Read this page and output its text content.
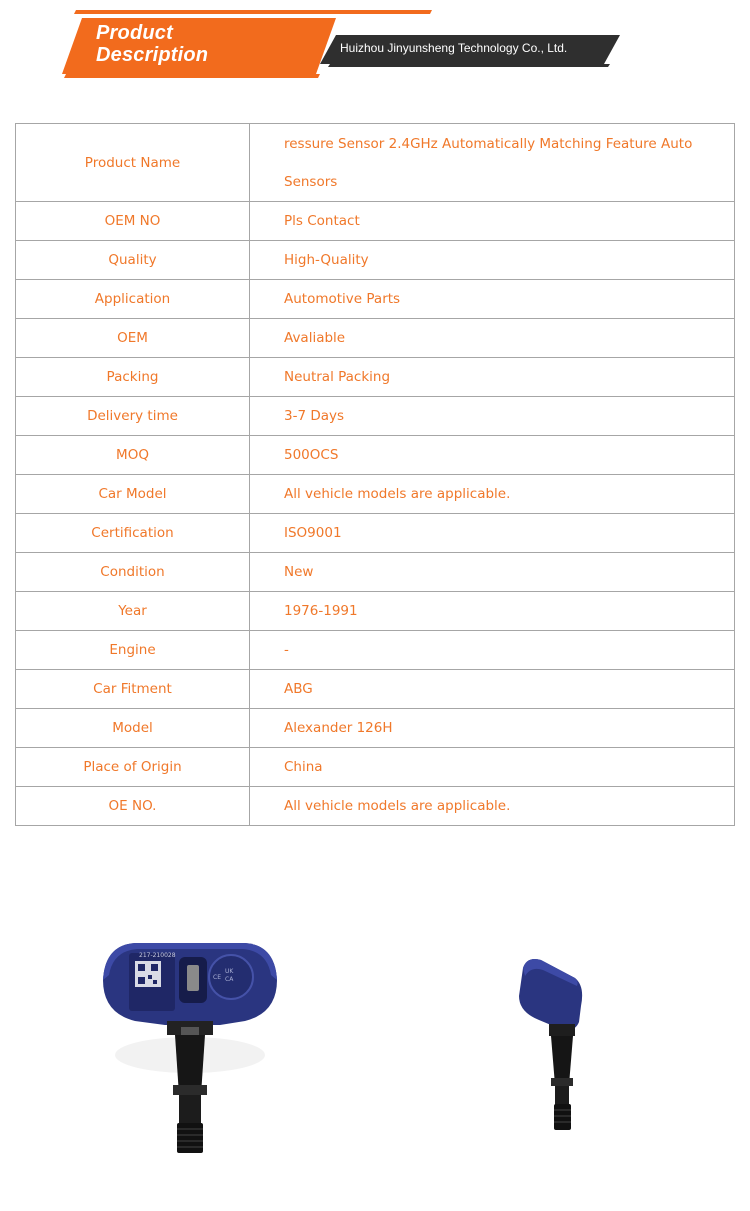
Product
Description	Huizhou Jinyunsheng Technology Co., Ltd.
Product Name	ressure Sensor 2.4GHz Automatically Matching Feature Auto Sensors
OEM NO	Pls Contact
Quality	High-Quality
Application	Automotive Parts
OEM	Avaliable
Packing	Neutral Packing
Delivery time	3-7 Days
MOQ	500OCS
Car Model	All vehicle models are applicable.
Certification	ISO9001
Condition	New
Year	1976-1991
Engine	-
Car Fitment	ABG
Model	Alexander 126H
Place of Origin	China
OE NO.	All vehicle models are applicable.
217-210028
UK
CA
CE
